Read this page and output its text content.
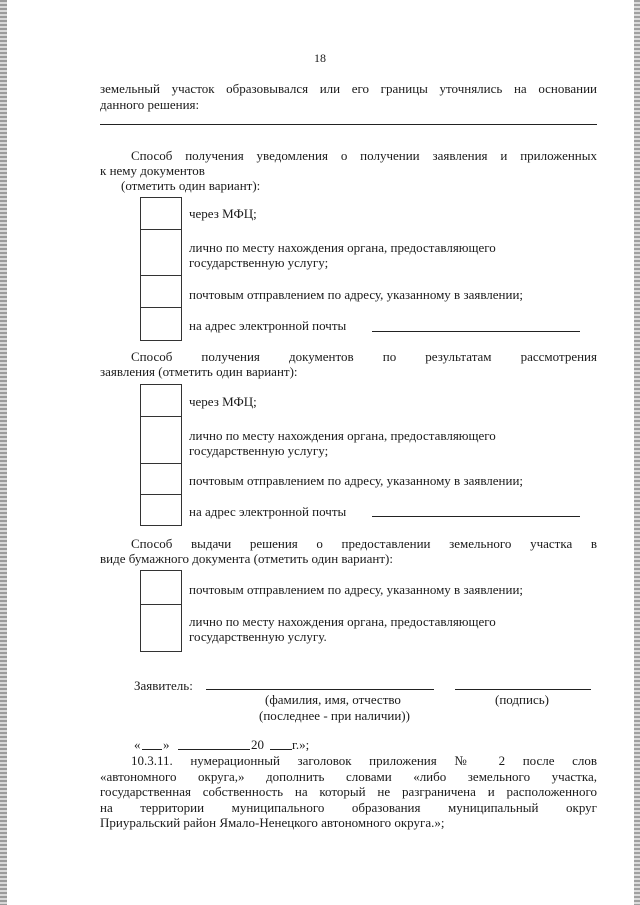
18
земельный участок образовывался или его границы уточнялись на основании
данного решения:
Способ получения уведомления о получении заявления и приложенных
к нему документов
(отметить один вариант):
через МФЦ;
лично по месту нахождения органа, предоставляющего
государственную услугу;
почтовым отправлением по адресу, указанному в заявлении;
на адрес электронной почты
Способ получения документов по результатам рассмотрения
заявления (отметить один вариант):
через МФЦ;
лично по месту нахождения органа, предоставляющего
государственную услугу;
почтовым отправлением по адресу, указанному в заявлении;
на адрес электронной почты
Способ выдачи решения о предоставлении земельного участка в
виде бумажного документа (отметить один вариант):
почтовым отправлением по адресу, указанному в заявлении;
лично по месту нахождения органа, предоставляющего
государственную услугу.
Заявитель:
(фамилия, имя, отчество	(подпись)
(последнее - при наличии))
« »	20 г.»;
10.3.11. нумерационный заголовок приложения № 2 после слов
«автономного округа,» дополнить словами «либо земельного участка,
государственная собственность на который не разграничена и расположенного
на территории муниципального образования муниципальный округ
Приуральский район Ямало-Ненецкого автономного округа.»;
